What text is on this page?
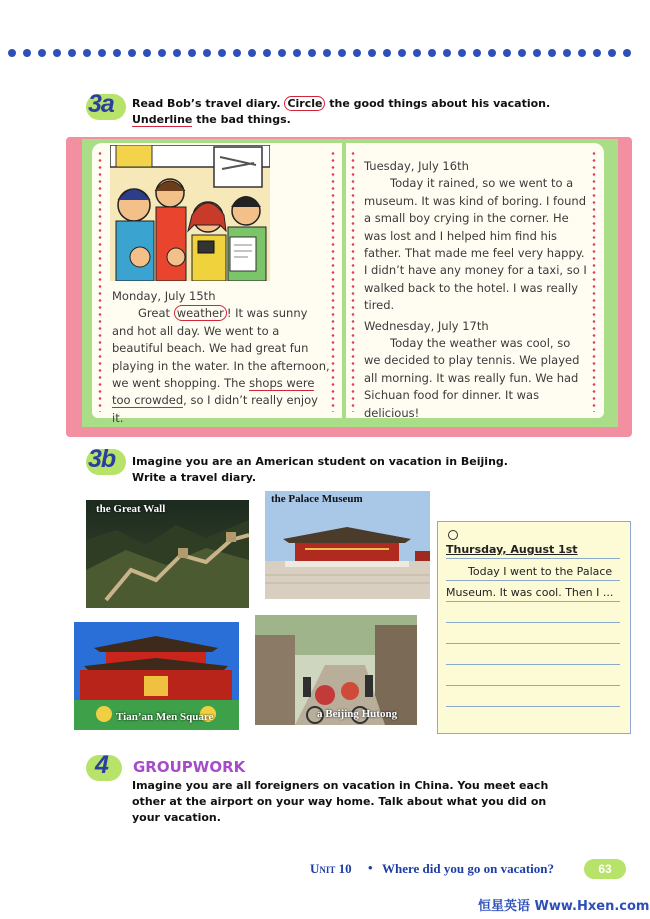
3a Read Bob’s travel diary. Circle the good things about his vacation.
Underline the bad things.

Monday, July 15th

Great weather ! It was sunny and hot all day. We went to a beautiful beach. We had great fun playing in the water. In the afternoon, we went shopping. The shops were too crowded, so I didn’t really enjoy it.

Tuesday, July 16th

Today it rained, so we went to a museum. It was kind of boring. I found a small boy crying in the corner. He was lost and I helped him find his father. That made me feel very happy. I didn’t have any money for a taxi, so I walked back to the hotel. I was really tired.

Wednesday, July 17th

Today the weather was cool, so we decided to play tennis. We played all morning. It was really fun. We had Sichuan food for dinner. It was delicious!

3b Imagine you are an American student on vacation in Beijing.
Write a travel diary.
the Great Wall
the Palace Museum
Tian’an Men Square	a Beijing Hutong
Thursday, August 1st
Today I went to the Palace
Museum. It was cool. Then I ...
4 GROUPWORK
Imagine you are all foreigners on vacation in China. You meet each
other at the airport on your way home. Talk about what you did on
your vacation.
Unit 10 • Where did you go on vacation?	63
恒星英语 Www.Hxen.com
